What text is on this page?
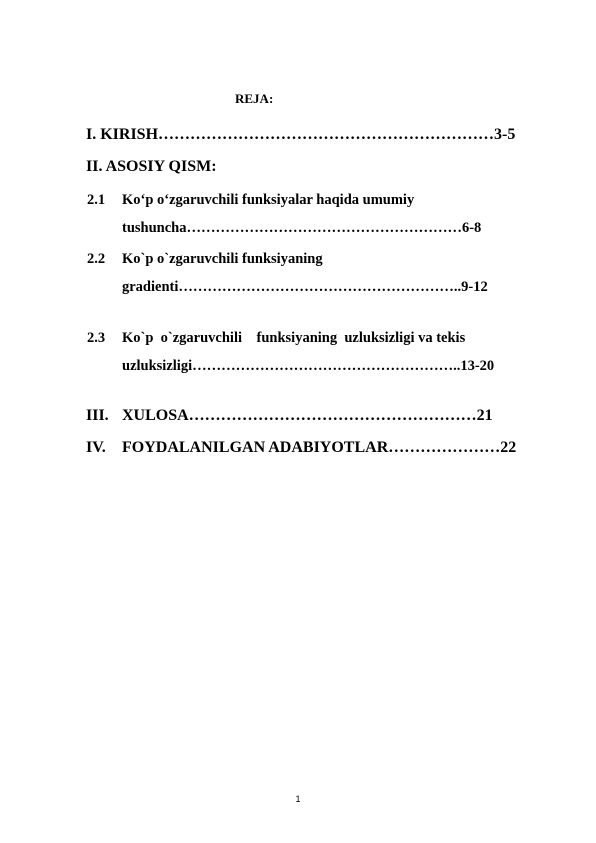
REJA:
I. KIRISH………………………………………………………3-5
II. ASOSIY QISM:
2.1 Ko‘p o‘zgaruvchili funksiyalar haqida umumiy
tushuncha…………………………………………………6-8
2.2 Ko`p o`zgaruvchili funksiyaning
gradienti…………………………………………………..9-12
2.3 Ko`p  o`zgaruvchili    funksiyaning  uzluksizligi va tekis
uzluksizligi………………………………………………..13-20
III. XULOSA………………………………………………21
IV. FOYDALANILGAN ADABIYOTLAR…………………22
1
